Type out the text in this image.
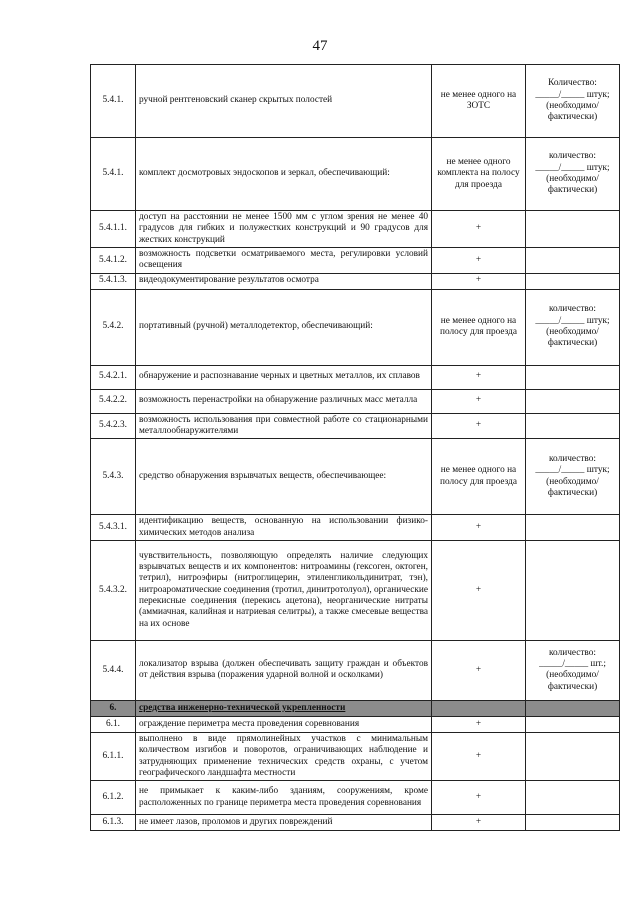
47
5.4.1.	ручной рентгеновский сканер скрытых полостей	не менее одного на ЗОТС	Количество: _____/_____ штук; (необходимо/ фактически)
5.4.1.	комплект досмотровых эндоскопов и зеркал, обеспечивающий:	не менее одного комплекта на полосу для проезда	количество: _____/_____ штук; (необходимо/ фактически)
5.4.1.1.	доступ на расстоянии не менее 1500 мм с углом зрения не менее 40 градусов для гибких и полужестких конструкций и 90 градусов для жестких конструкций	+	
5.4.1.2.	возможность подсветки осматриваемого места, регулировки условий освещения	+	
5.4.1.3.	видеодокументирование результатов осмотра	+	
5.4.2.	портативный (ручной) металлодетектор, обеспечивающий:	не менее одного на полосу для проезда	количество: _____/_____ штук; (необходимо/ фактически)
5.4.2.1.	обнаружение и распознавание черных и цветных металлов, их сплавов	+	
5.4.2.2.	возможность перенастройки на обнаружение различных масс металла	+	
5.4.2.3.	возможность использования при совместной работе со стационарными металлообнаружителями	+	
5.4.3.	средство обнаружения взрывчатых веществ, обеспечивающее:	не менее одного на полосу для проезда	количество: _____/_____ штук; (необходимо/ фактически)
5.4.3.1.	идентификацию веществ, основанную на использовании физико-химических методов анализа	+	
5.4.3.2.	чувствительность, позволяющую определять наличие следующих взрывчатых веществ и их компонентов: нитроамины (гексоген, октоген, тетрил), нитроэфиры (нитроглицерин, этиленгликольдинитрат, тэн), нитроароматические соединения (тротил, динитротолуол), органические перекисные соединения (перекись ацетона), неорганические нитраты (аммиачная, калийная и натриевая селитры), а также смесевые вещества на их основе	+	
5.4.4.	локализатор взрыва (должен обеспечивать защиту граждан и объектов от действия взрыва (поражения ударной волной и осколками)	+	количество: _____/_____ шт.; (необходимо/ фактически)
6.	средства инженерно-технической укрепленности		
6.1.	ограждение периметра места проведения соревнования	+	
6.1.1.	выполнено в виде прямолинейных участков с минимальным количеством изгибов и поворотов, ограничивающих наблюдение и затрудняющих применение технических средств охраны, с учетом географического ландшафта местности	+	
6.1.2.	не примыкает к каким-либо зданиям, сооружениям, кроме расположенных по границе периметра места проведения соревнования	+	
6.1.3.	не имеет лазов, проломов и других повреждений	+	
